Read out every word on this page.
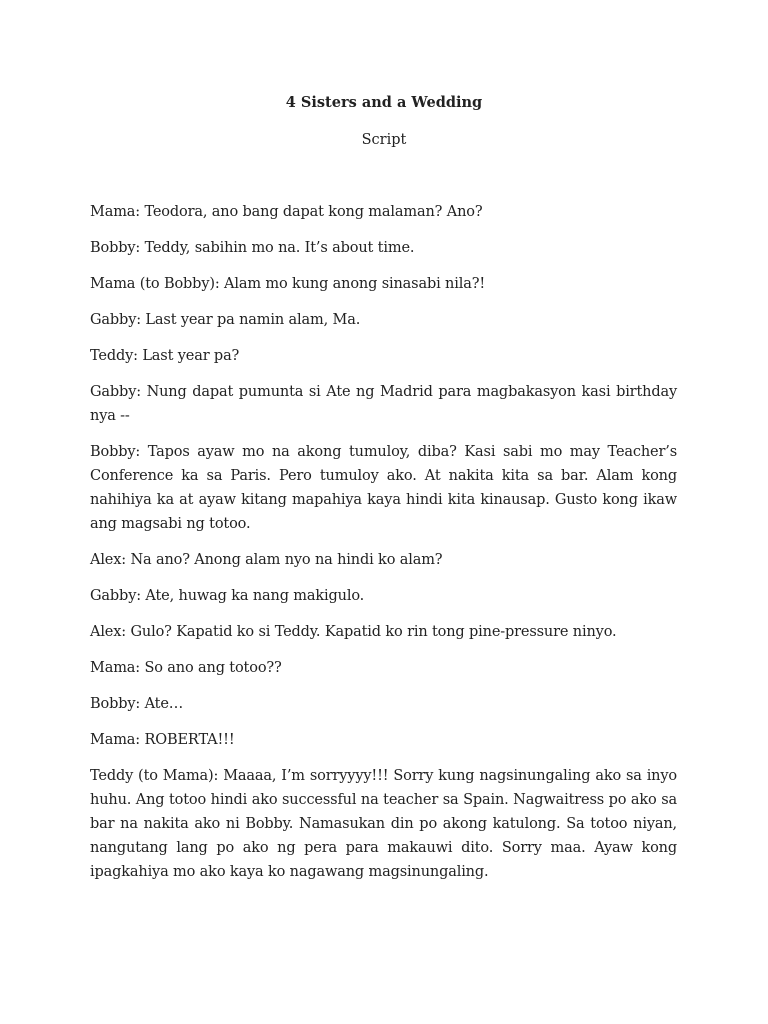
4 Sisters and a Wedding
Script

Mama: Teodora, ano bang dapat kong malaman? Ano?

Bobby: Teddy, sabihin mo na. It’s about time.

Mama (to Bobby): Alam mo kung anong sinasabi nila?!

Gabby: Last year pa namin alam, Ma.

Teddy: Last year pa?

Gabby: Nung dapat pumunta si Ate ng Madrid para magbakasyon kasi birthday nya --

Bobby: Tapos ayaw mo na akong tumuloy, diba? Kasi sabi mo may Teacher’s Conference ka sa Paris. Pero tumuloy ako. At nakita kita sa bar. Alam kong nahihiya ka at ayaw kitang mapahiya kaya hindi kita kinausap. Gusto kong ikaw ang magsabi ng totoo.

Alex: Na ano? Anong alam nyo na hindi ko alam?

Gabby: Ate, huwag ka nang makigulo.

Alex: Gulo? Kapatid ko si Teddy. Kapatid ko rin tong pine-pressure ninyo.

Mama: So ano ang totoo??

Bobby: Ate…

Mama: ROBERTA!!!

Teddy (to Mama): Maaaa, I’m sorryyyy!!! Sorry kung nagsinungaling ako sa inyo huhu. Ang totoo hindi ako successful na teacher sa Spain. Nagwaitress po ako sa bar na nakita ako ni Bobby. Namasukan din po akong katulong. Sa totoo niyan, nangutang lang po ako ng pera para makauwi dito. Sorry maa. Ayaw kong ipagkahiya mo ako kaya ko nagawang magsinungaling.
